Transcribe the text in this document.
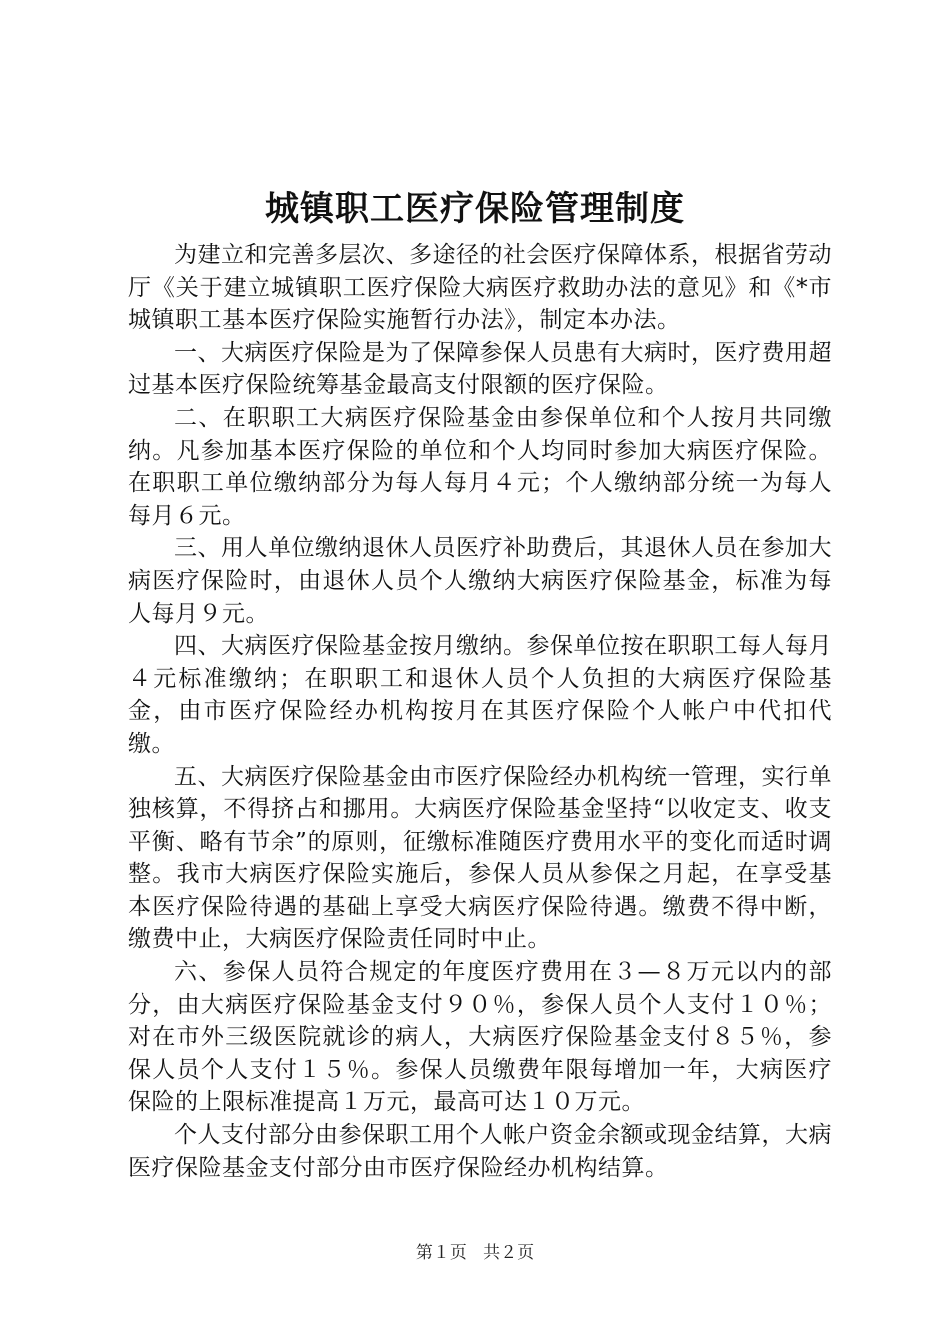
城镇职工医疗保险管理制度

为建立和完善多层次、多途径的社会医疗保障体系，根据省劳动厅《关于建立城镇职工医疗保险大病医疗救助办法的意见》和《*市城镇职工基本医疗保险实施暂行办法》，制定本办法。

一、大病医疗保险是为了保障参保人员患有大病时，医疗费用超过基本医疗保险统筹基金最高支付限额的医疗保险。

二、在职职工大病医疗保险基金由参保单位和个人按月共同缴纳。凡参加基本医疗保险的单位和个人均同时参加大病医疗保险。在职职工单位缴纳部分为每人每月４元；个人缴纳部分统一为每人每月６元。

三、用人单位缴纳退休人员医疗补助费后，其退休人员在参加大病医疗保险时，由退休人员个人缴纳大病医疗保险基金，标准为每人每月９元。

四、大病医疗保险基金按月缴纳。参保单位按在职职工每人每月４元标准缴纳；在职职工和退休人员个人负担的大病医疗保险基金，由市医疗保险经办机构按月在其医疗保险个人帐户中代扣代缴。

五、大病医疗保险基金由市医疗保险经办机构统一管理，实行单独核算，不得挤占和挪用。大病医疗保险基金坚持“以收定支、收支平衡、略有节余”的原则，征缴标准随医疗费用水平的变化而适时调整。我市大病医疗保险实施后，参保人员从参保之月起，在享受基本医疗保险待遇的基础上享受大病医疗保险待遇。缴费不得中断，缴费中止，大病医疗保险责任同时中止。

六、参保人员符合规定的年度医疗费用在３—８万元以内的部分，由大病医疗保险基金支付９０％，参保人员个人支付１０％；对在市外三级医院就诊的病人，大病医疗保险基金支付８５％，参保人员个人支付１５％。参保人员缴费年限每增加一年，大病医疗保险的上限标准提高１万元，最高可达１０万元。

个人支付部分由参保职工用个人帐户资金余额或现金结算，大病医疗保险基金支付部分由市医疗保险经办机构结算。

第１页 共２页
